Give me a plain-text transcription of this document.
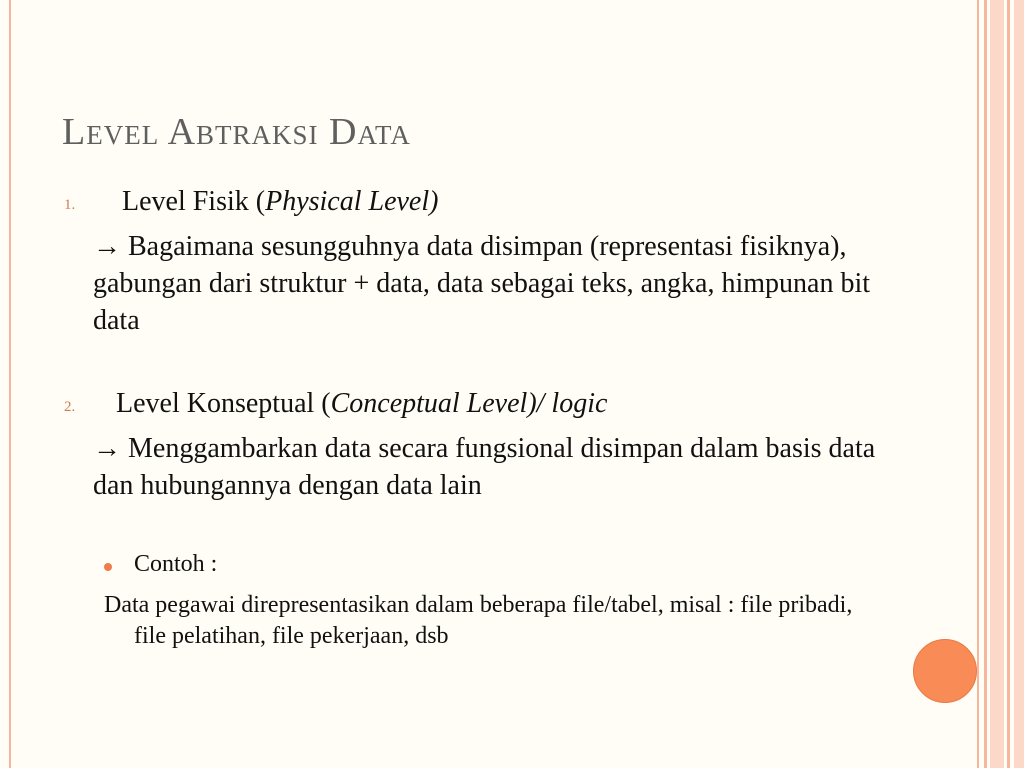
Level Abtraksi Data
1. Level Fisik (Physical Level)
→ Bagaimana sesungguhnya data disimpan (representasi fisiknya), gabungan dari struktur + data, data sebagai teks, angka, himpunan bit data
2. Level Konseptual (Conceptual Level)/ logic
→ Menggambarkan data secara fungsional disimpan dalam basis data dan hubungannya dengan data lain
Contoh :
Data pegawai direpresentasikan dalam beberapa file/tabel, misal : file pribadi, file pelatihan, file pekerjaan, dsb
